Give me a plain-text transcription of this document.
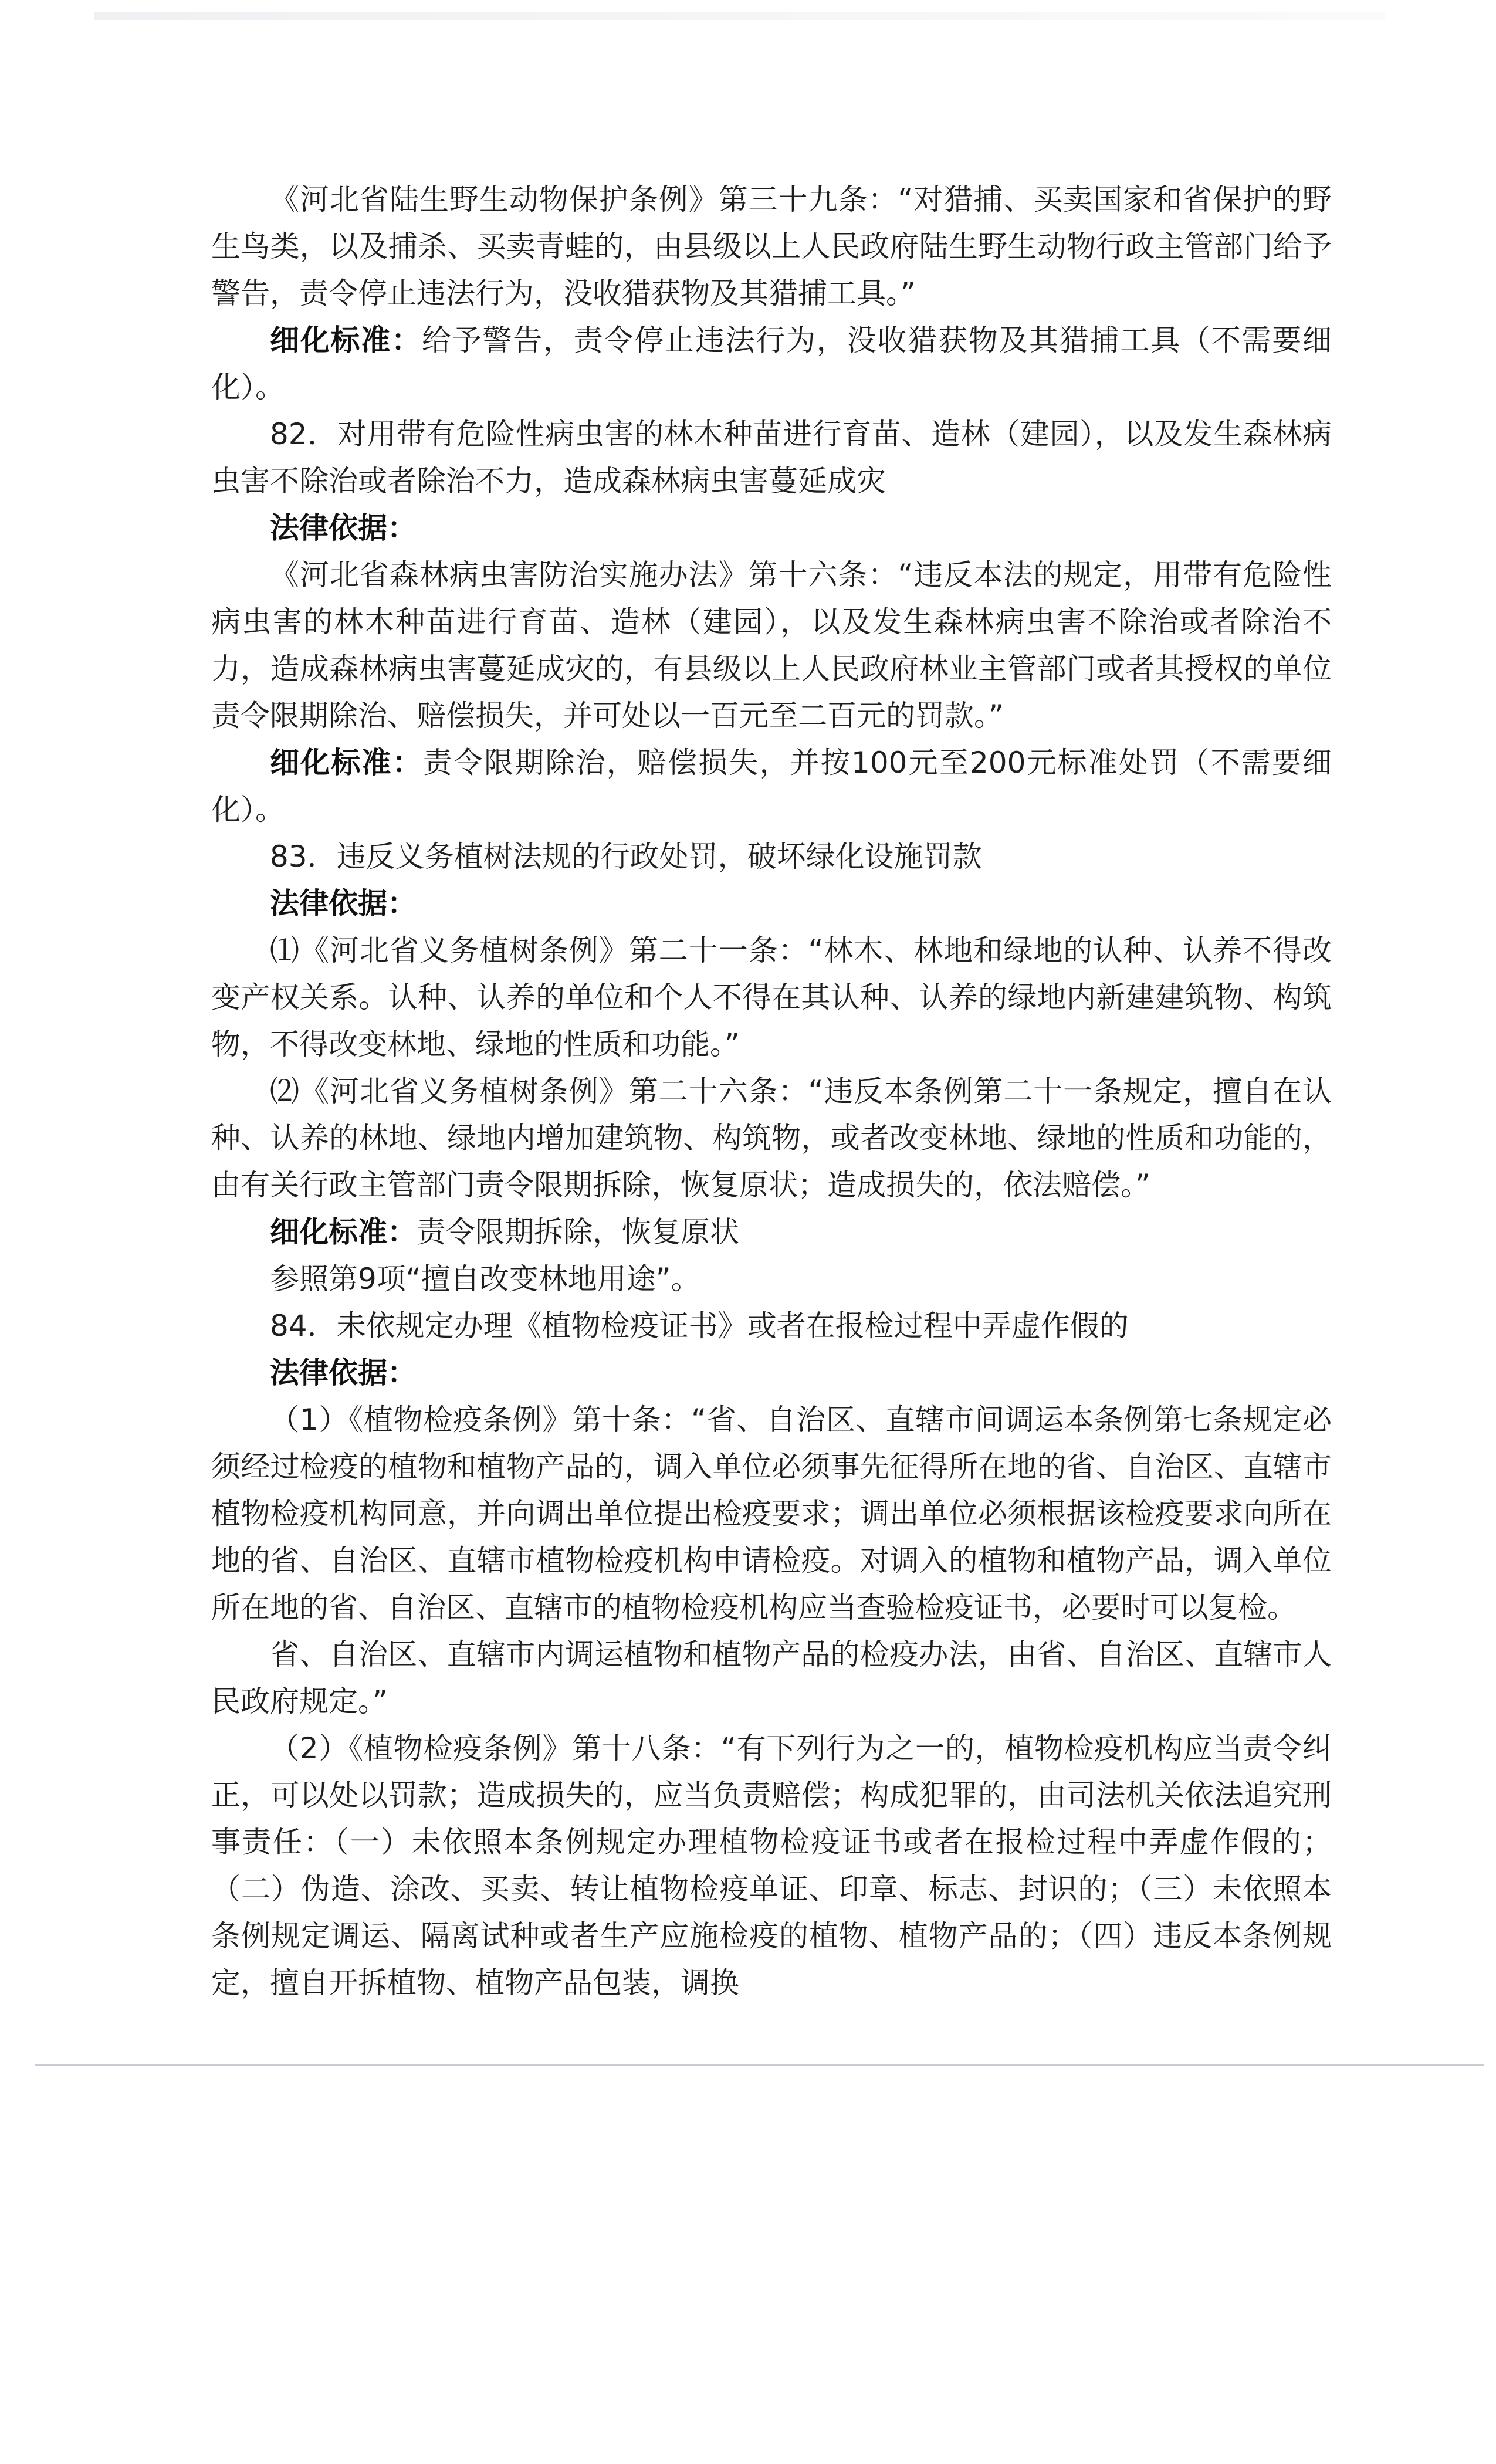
《河北省陆生野生动物保护条例》第三十九条：“对猎捕、买卖国家和省保护的野生鸟类，以及捕杀、买卖青蛙的，由县级以上人民政府陆生野生动物行政主管部门给予警告，责令停止违法行为，没收猎获物及其猎捕工具。”

细化标准：给予警告，责令停止违法行为，没收猎获物及其猎捕工具（不需要细化）。

82．对用带有危险性病虫害的林木种苗进行育苗、造林（建园），以及发生森林病虫害不除治或者除治不力，造成森林病虫害蔓延成灾

法律依据：

《河北省森林病虫害防治实施办法》第十六条：“违反本法的规定，用带有危险性病虫害的林木种苗进行育苗、造林（建园），以及发生森林病虫害不除治或者除治不力，造成森林病虫害蔓延成灾的，有县级以上人民政府林业主管部门或者其授权的单位责令限期除治、赔偿损失，并可处以一百元至二百元的罚款。”

细化标准：责令限期除治，赔偿损失，并按100元至200元标准处罚（不需要细化）。

83．违反义务植树法规的行政处罚，破坏绿化设施罚款

法律依据：

⑴《河北省义务植树条例》第二十一条：“林木、林地和绿地的认种、认养不得改变产权关系。认种、认养的单位和个人不得在其认种、认养的绿地内新建建筑物、构筑物，不得改变林地、绿地的性质和功能。”

⑵《河北省义务植树条例》第二十六条：“违反本条例第二十一条规定，擅自在认种、认养的林地、绿地内增加建筑物、构筑物，或者改变林地、绿地的性质和功能的，由有关行政主管部门责令限期拆除，恢复原状；造成损失的，依法赔偿。”

细化标准：责令限期拆除，恢复原状

参照第9项“擅自改变林地用途”。

84．未依规定办理《植物检疫证书》或者在报检过程中弄虚作假的

法律依据：

（1）《植物检疫条例》第十条：“省、自治区、直辖市间调运本条例第七条规定必须经过检疫的植物和植物产品的，调入单位必须事先征得所在地的省、自治区、直辖市植物检疫机构同意，并向调出单位提出检疫要求；调出单位必须根据该检疫要求向所在地的省、自治区、直辖市植物检疫机构申请检疫。对调入的植物和植物产品，调入单位所在地的省、自治区、直辖市的植物检疫机构应当查验检疫证书，必要时可以复检。

省、自治区、直辖市内调运植物和植物产品的检疫办法，由省、自治区、直辖市人民政府规定。”

（2）《植物检疫条例》第十八条：“有下列行为之一的，植物检疫机构应当责令纠正，可以处以罚款；造成损失的，应当负责赔偿；构成犯罪的，由司法机关依法追究刑事责任：（一）未依照本条例规定办理植物检疫证书或者在报检过程中弄虚作假的；（二）伪造、涂改、买卖、转让植物检疫单证、印章、标志、封识的；（三）未依照本条例规定调运、隔离试种或者生产应施检疫的植物、植物产品的；（四）违反本条例规定，擅自开拆植物、植物产品包装，调换
